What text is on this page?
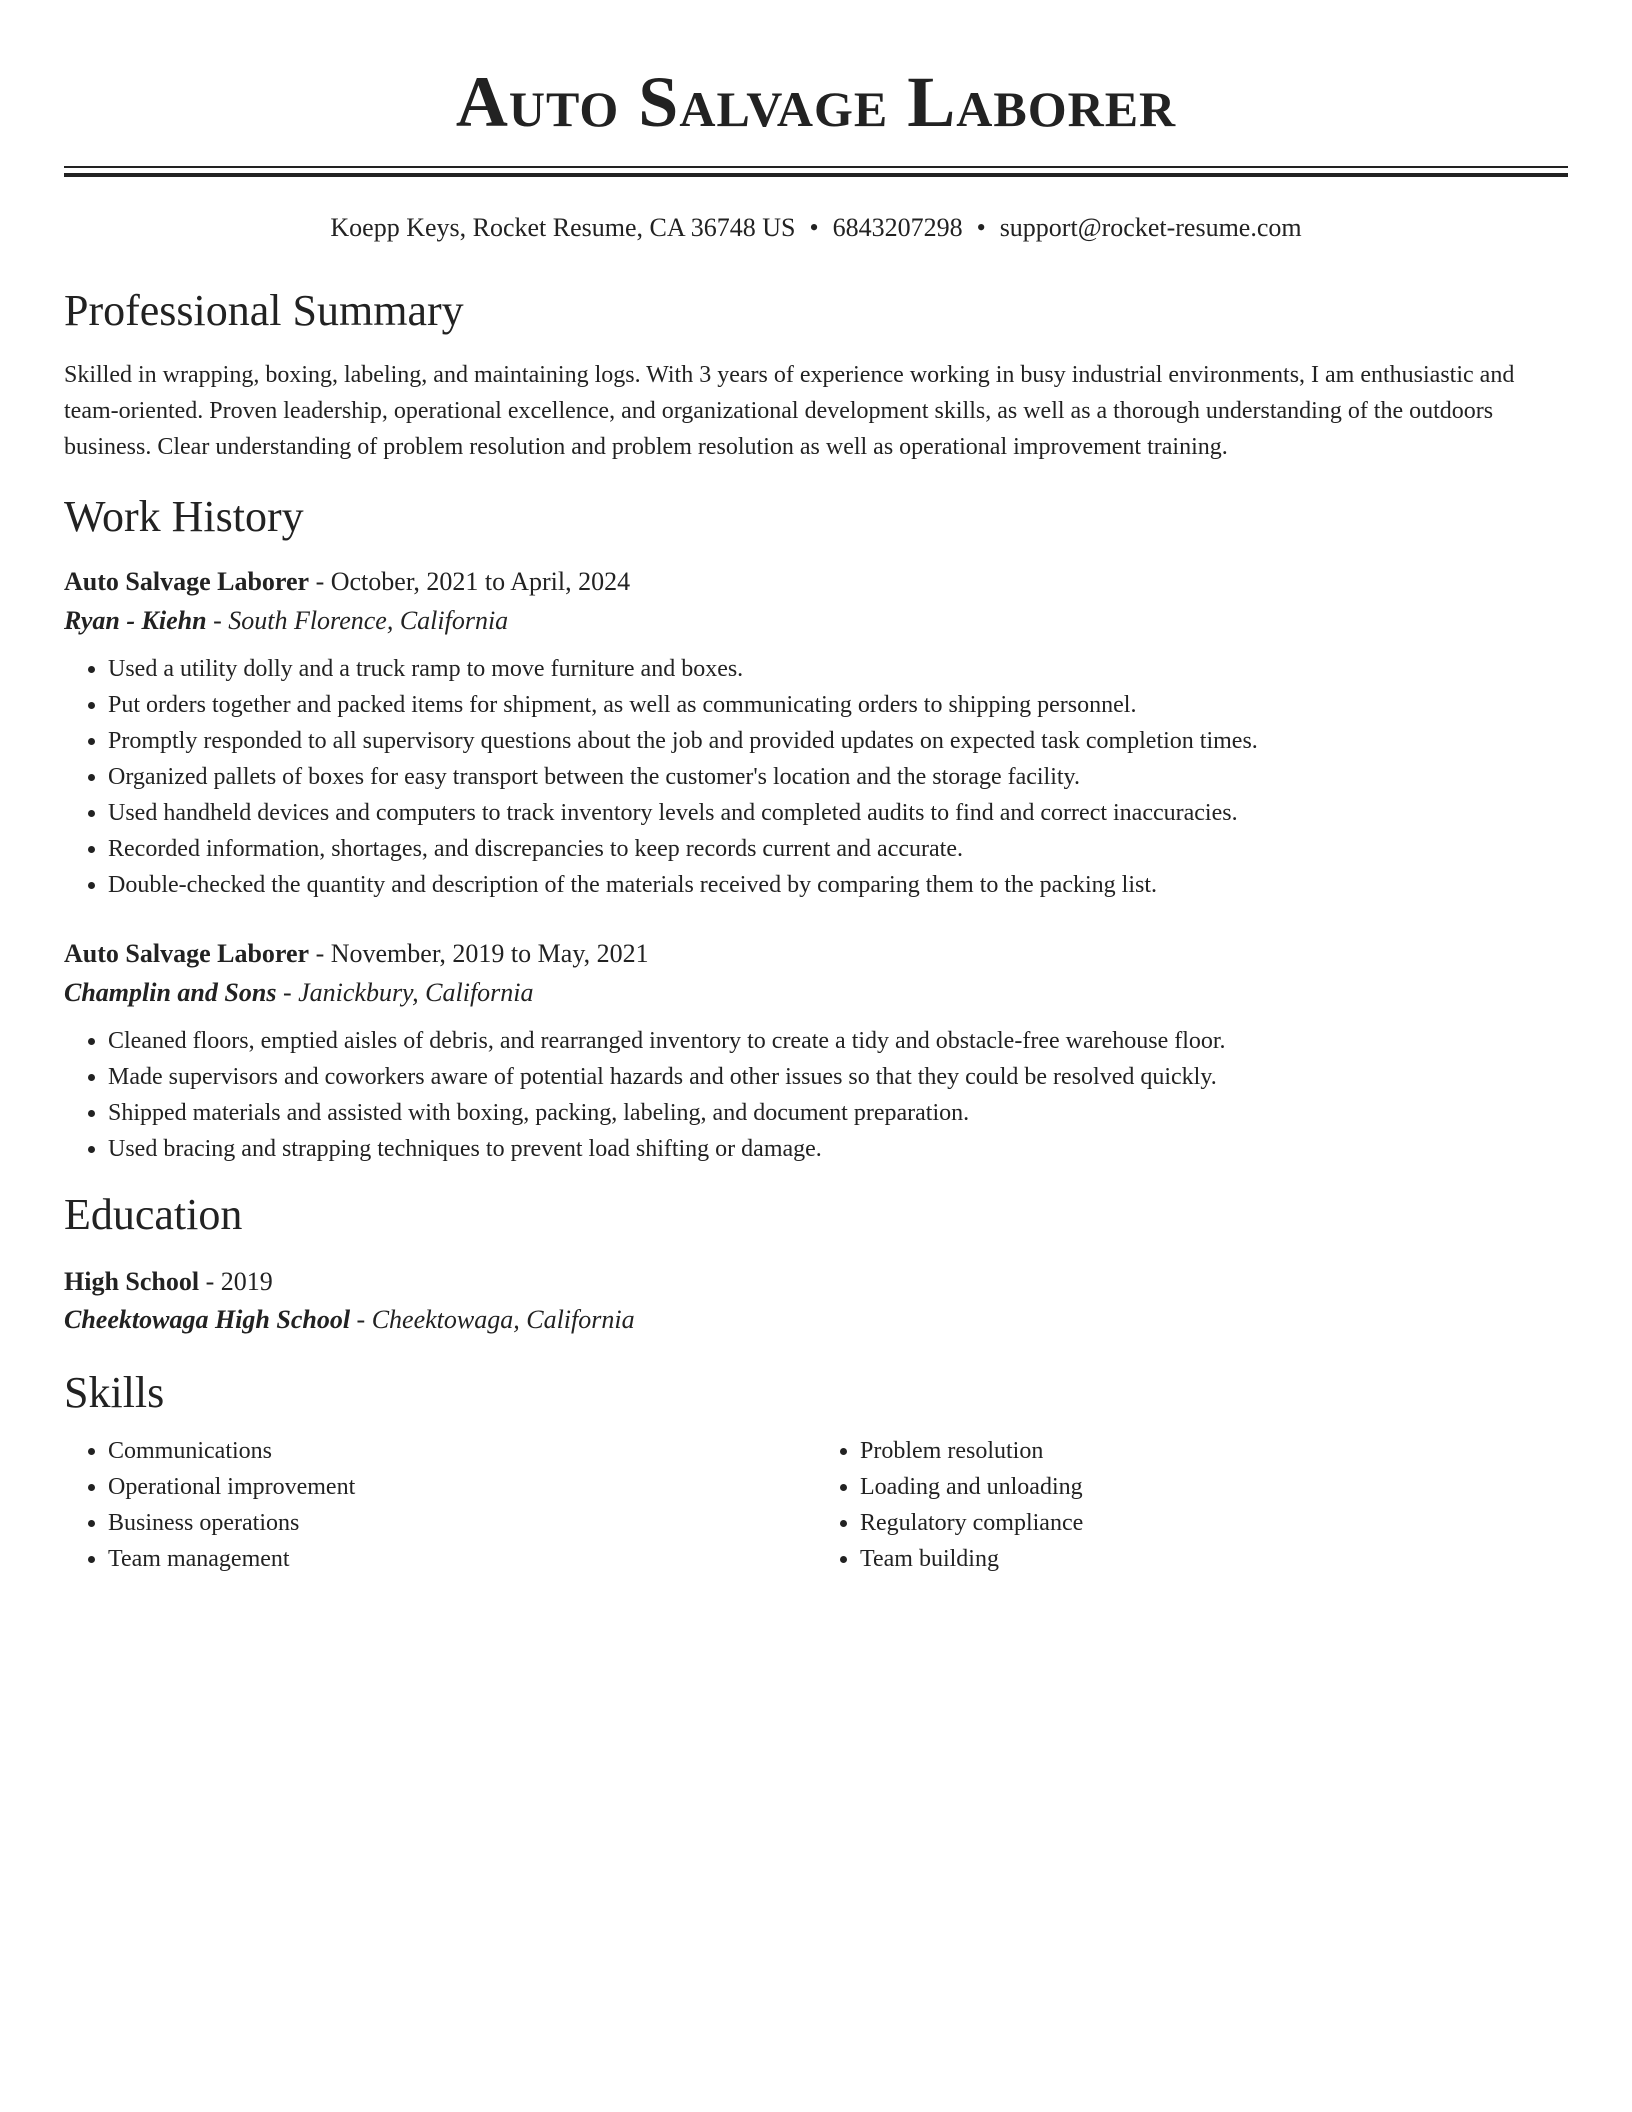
Auto Salvage Laborer
Koepp Keys, Rocket Resume, CA 36748 US • 6843207298 • support@rocket-resume.com
Professional Summary

Skilled in wrapping, boxing, labeling, and maintaining logs. With 3 years of experience working in busy industrial environments, I am enthusiastic and team-oriented. Proven leadership, operational excellence, and organizational development skills, as well as a thorough understanding of the outdoors business. Clear understanding of problem resolution and problem resolution as well as operational improvement training.

Work History
Auto Salvage Laborer - October, 2021 to April, 2024
Ryan - Kiehn - South Florence, California
• Used a utility dolly and a truck ramp to move furniture and boxes.
• Put orders together and packed items for shipment, as well as communicating orders to shipping personnel.
• Promptly responded to all supervisory questions about the job and provided updates on expected task completion times.
• Organized pallets of boxes for easy transport between the customer's location and the storage facility.
• Used handheld devices and computers to track inventory levels and completed audits to find and correct inaccuracies.
• Recorded information, shortages, and discrepancies to keep records current and accurate.
• Double-checked the quantity and description of the materials received by comparing them to the packing list.
Auto Salvage Laborer - November, 2019 to May, 2021
Champlin and Sons - Janickbury, California
• Cleaned floors, emptied aisles of debris, and rearranged inventory to create a tidy and obstacle-free warehouse floor.
• Made supervisors and coworkers aware of potential hazards and other issues so that they could be resolved quickly.
• Shipped materials and assisted with boxing, packing, labeling, and document preparation.
• Used bracing and strapping techniques to prevent load shifting or damage.
Education
High School - 2019
Cheektowaga High School - Cheektowaga, California
Skills
• Communications
• Operational improvement
• Business operations
• Team management
• Problem resolution
• Loading and unloading
• Regulatory compliance
• Team building
